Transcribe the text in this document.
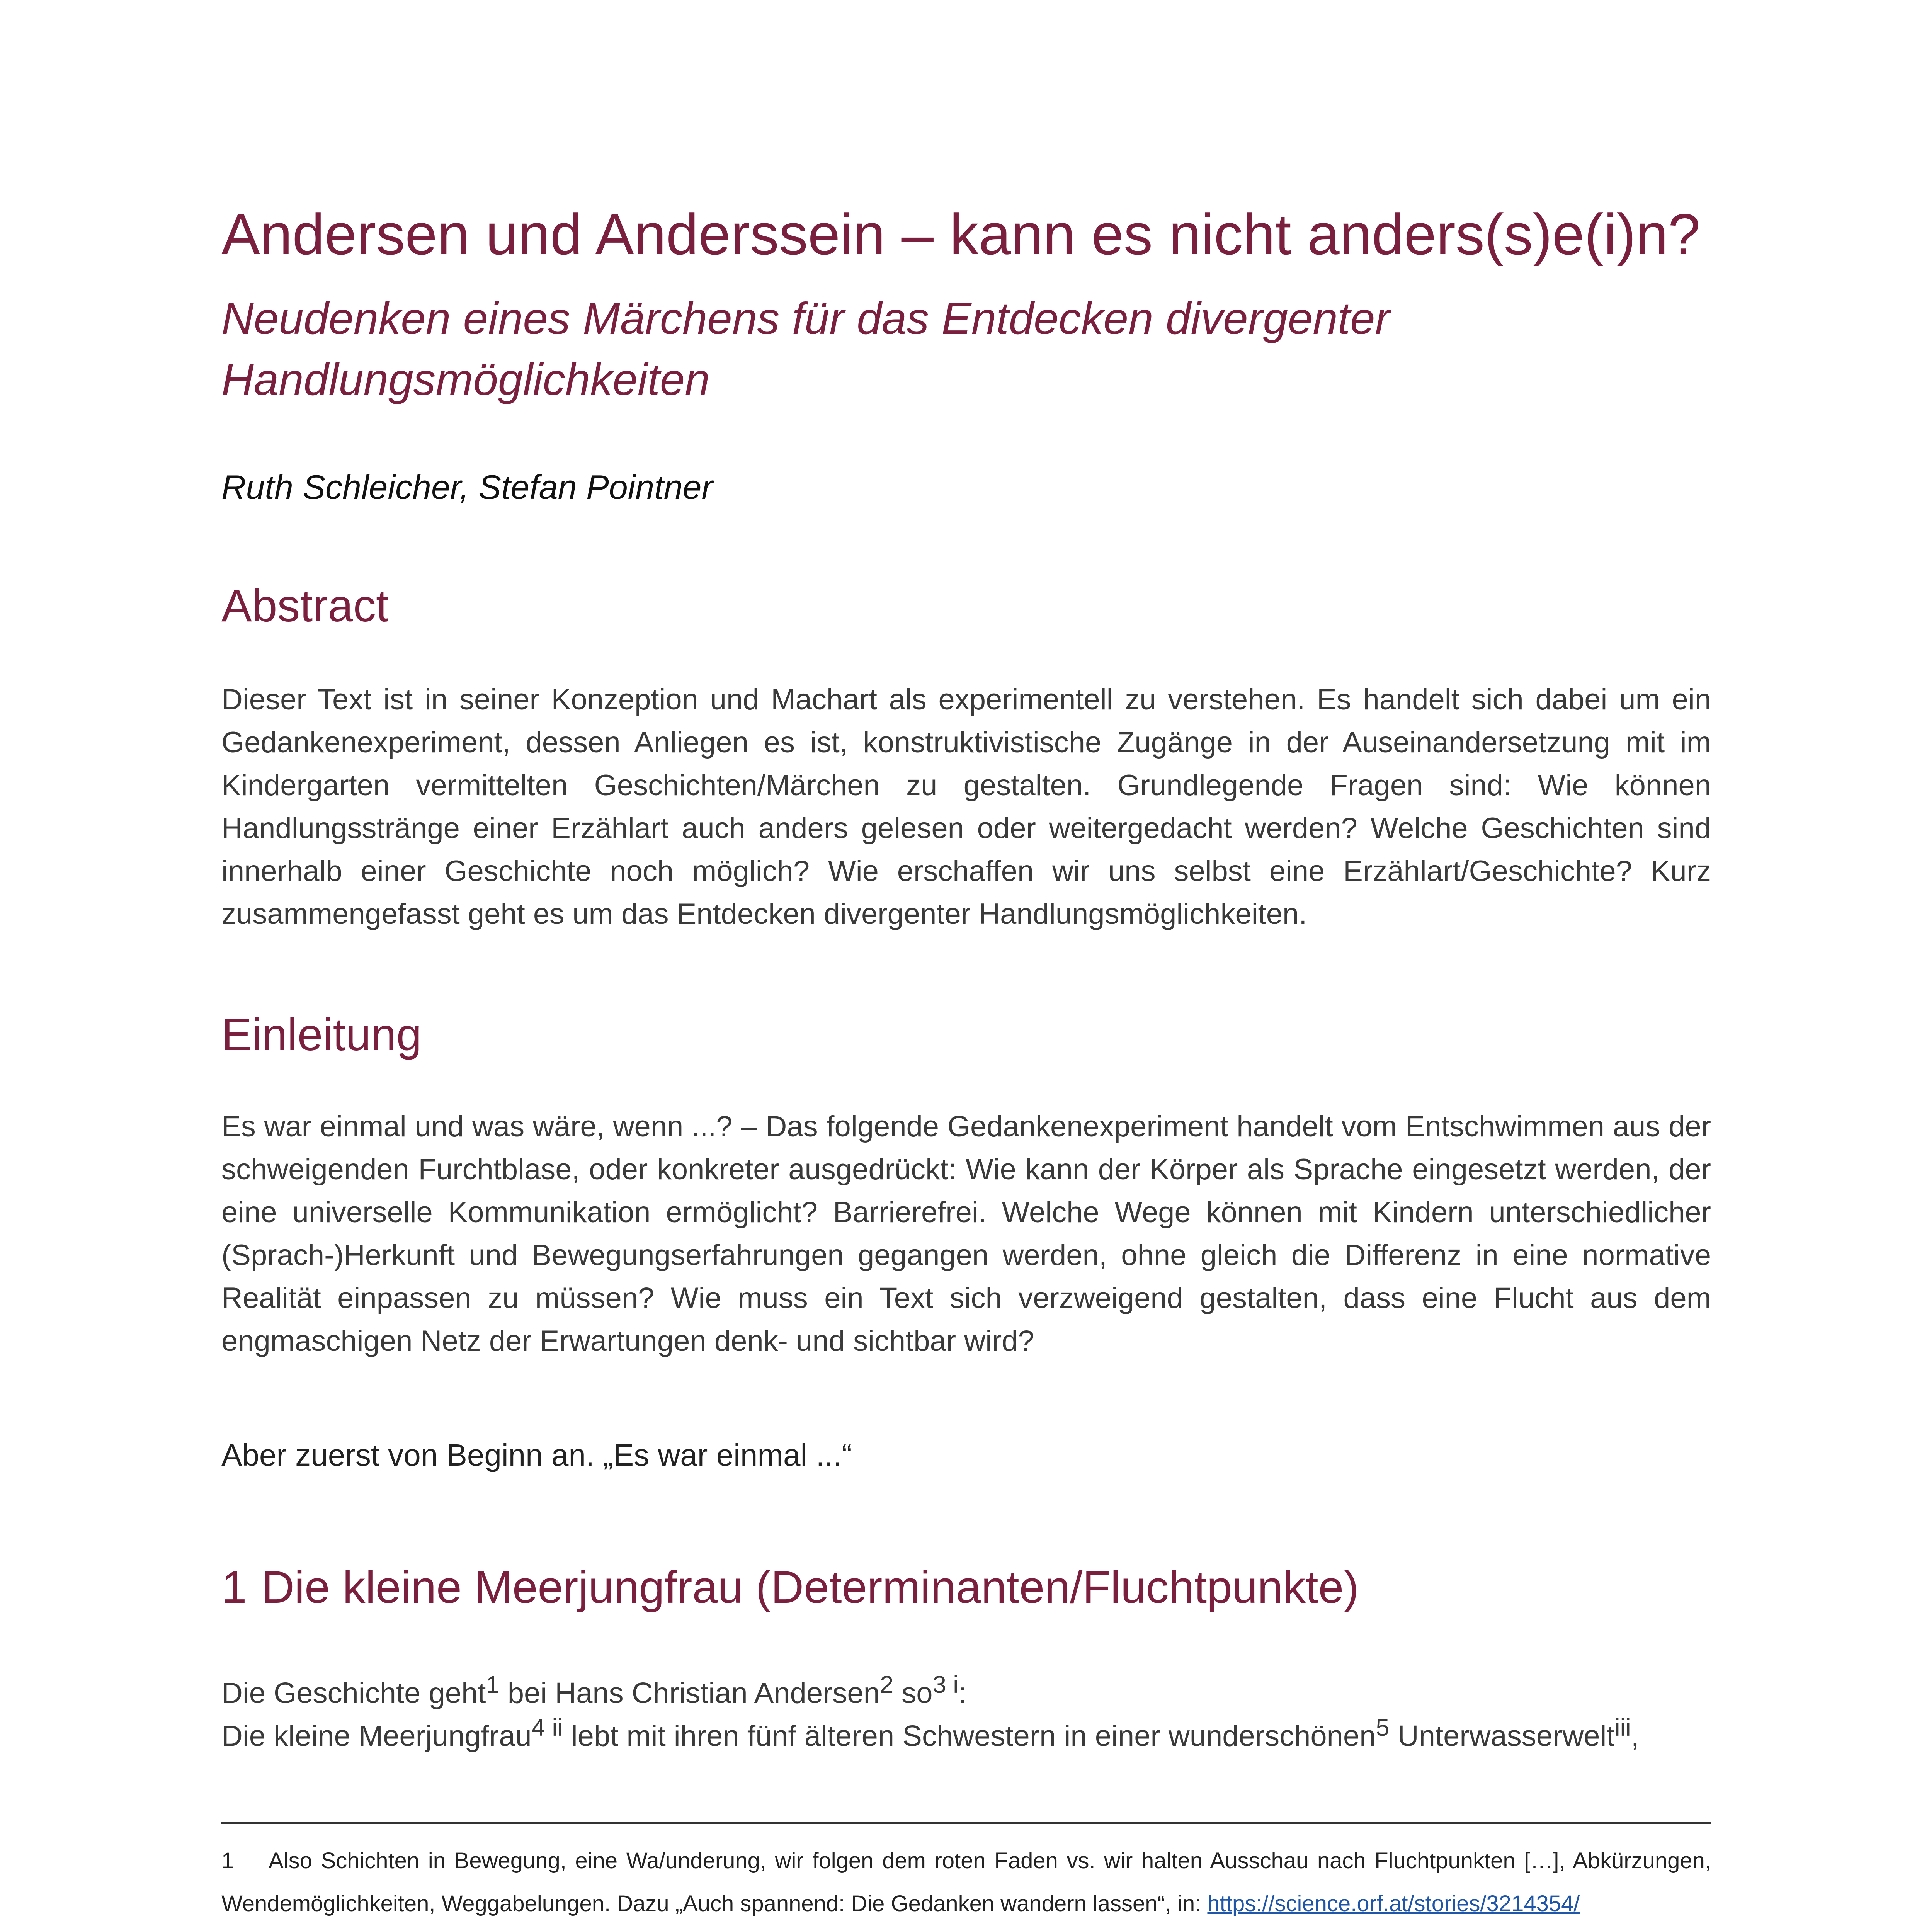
Andersen und Anderssein – kann es nicht anders(s)e(i)n?

Neudenken eines Märchens für das Entdecken divergenter Handlungsmöglichkeiten

Ruth Schleicher, Stefan Pointner

Abstract

Dieser Text ist in seiner Konzeption und Machart als experimentell zu verstehen. Es handelt sich dabei um ein Gedankenexperiment, dessen Anliegen es ist, konstruktivistische Zugänge in der Auseinandersetzung mit im Kindergarten vermittelten Geschichten/Märchen zu gestalten. Grundlegende Fragen sind: Wie können Handlungsstränge einer Erzählart auch anders gelesen oder weitergedacht werden? Welche Geschichten sind innerhalb einer Geschichte noch möglich? Wie erschaffen wir uns selbst eine Erzählart/Geschichte? Kurz zusammengefasst geht es um das Entdecken divergenter Handlungsmöglichkeiten.

Einleitung

Es war einmal und was wäre, wenn ...? – Das folgende Gedankenexperiment handelt vom Entschwimmen aus der schweigenden Furchtblase, oder konkreter ausgedrückt: Wie kann der Körper als Sprache eingesetzt werden, der eine universelle Kommunikation ermöglicht? Barrierefrei. Welche Wege können mit Kindern unterschiedlicher (Sprach-)Herkunft und Bewegungserfahrungen gegangen werden, ohne gleich die Differenz in eine normative Realität einpassen zu müssen? Wie muss ein Text sich verzweigend gestalten, dass eine Flucht aus dem engmaschigen Netz der Erwartungen denk- und sichtbar wird?

Aber zuerst von Beginn an. „Es war einmal ...“

1 Die kleine Meerjungfrau (Determinanten/Fluchtpunkte)

Die Geschichte geht$^1$ bei Hans Christian Andersen$^2$ $so^{3 i}$:

Die kleine Meerjungfrau$^{4 ii}$ lebt mit ihren fünf älteren Schwestern in einer wunderschönen$^5$ Unterwasserwelt$^{iii}$,

1 Also Schichten in Bewegung, eine Wa/underung, wir folgen dem roten Faden vs. wir halten Ausschau nach Fluchtpunkten […], Abkürzungen, Wendemöglichkeiten, Weggabelungen. Dazu „Auch spannend: Die Gedanken wandern lassen“, in: https://science.orf.at/stories/3214354/
